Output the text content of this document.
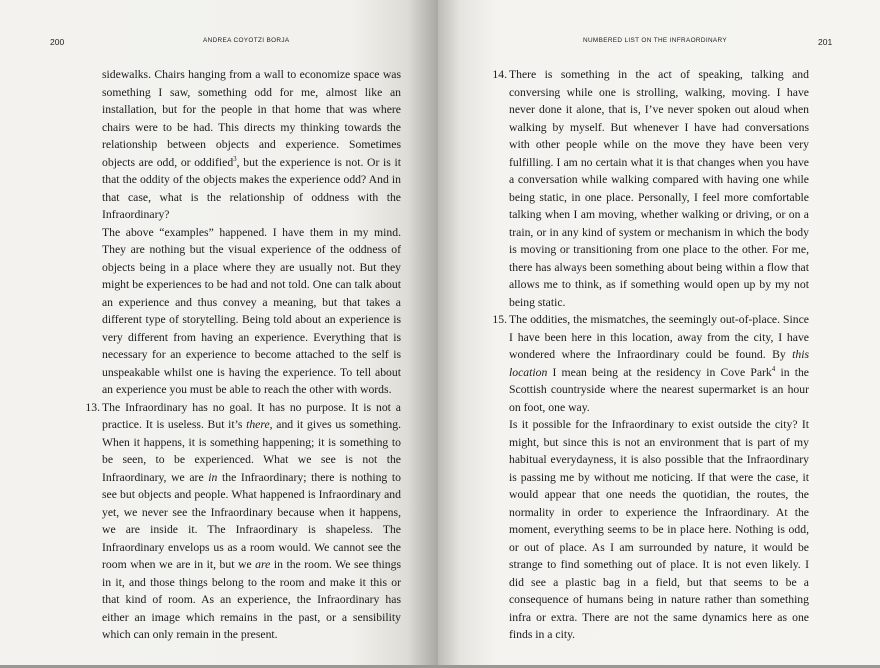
200	ANDREA COYOTZI BORJA

sidewalks. Chairs hanging from a wall to economize space was something I saw, something odd for me, almost like an installation, but for the people in that home that was where chairs were to be had. This directs my thinking towards the relationship between objects and experience. Sometimes objects are odd, or oddified$^3$, but the experience is not. Or is it that the oddity of the objects makes the experience odd? And in that case, what is the relationship of oddness with the Infraordinary?

The above “examples” happened. I have them in my mind. They are nothing but the visual experience of the oddness of objects being in a place where they are usually not. But they might be experiences to be had and not told. One can talk about an experience and thus convey a meaning, but that takes a different type of storytelling. Being told about an experience is very different from having an experience. Everything that is necessary for an experience to become attached to the self is unspeakable whilst one is having the experience. To tell about an experience you must be able to reach the other with words.

13. The Infraordinary has no goal. It has no purpose. It is not a practice. It is useless. But it’s there, and it gives us something. When it happens, it is something happening; it is something to be seen, to be experienced. What we see is not the Infraordinary, we are in the Infraordinary; there is nothing to see but objects and people. What happened is Infraordinary and yet, we never see the Infraordinary because when it happens, we are inside it. The Infraordinary is shapeless. The Infraordinary envelops us as a room would. We cannot see the room when we are in it, but we are in the room. We see things in it, and those things belong to the room and make it this or that kind of room. As an experience, the Infraordinary has either an image which remains in the past, or a sensibility which can only remain in the present.

NUMBERED LIST ON THE INFRAORDINARY	201
14. There is something in the act of speaking, talking and conversing while one is strolling, walking, moving. I have never done it alone, that is, I’ve never spoken out aloud when walking by myself. But whenever I have had conversations with other people while on the move they have been very fulfilling. I am no certain what it is that changes when you have a conversation while walking compared with having one while being static, in one place. Personally, I feel more comfortable talking when I am moving, whether walking or driving, or on a train, or in any kind of system or mechanism in which the body is moving or transitioning from one place to the other. For me, there has always been something about being within a flow that allows me to think, as if something would open up by my not being static.

15. The oddities, the mismatches, the seemingly out-of-place. Since I have been here in this location, away from the city, I have wondered where the Infraordinary could be found. By this location I mean being at the residency in Cove Park$^4$ in the Scottish countryside where the nearest supermarket is an hour on foot, one way.

Is it possible for the Infraordinary to exist outside the city? It might, but since this is not an environment that is part of my habitual everydayness, it is also possible that the Infraordinary is passing me by without me noticing. If that were the case, it would appear that one needs the quotidian, the routes, the normality in order to experience the Infraordinary. At the moment, everything seems to be in place here. Nothing is odd, or out of place. As I am surrounded by nature, it would be strange to find something out of place. It is not even likely. I did see a plastic bag in a field, but that seems to be a consequence of humans being in nature rather than something infra or extra. There are not the same dynamics here as one finds in a city.
